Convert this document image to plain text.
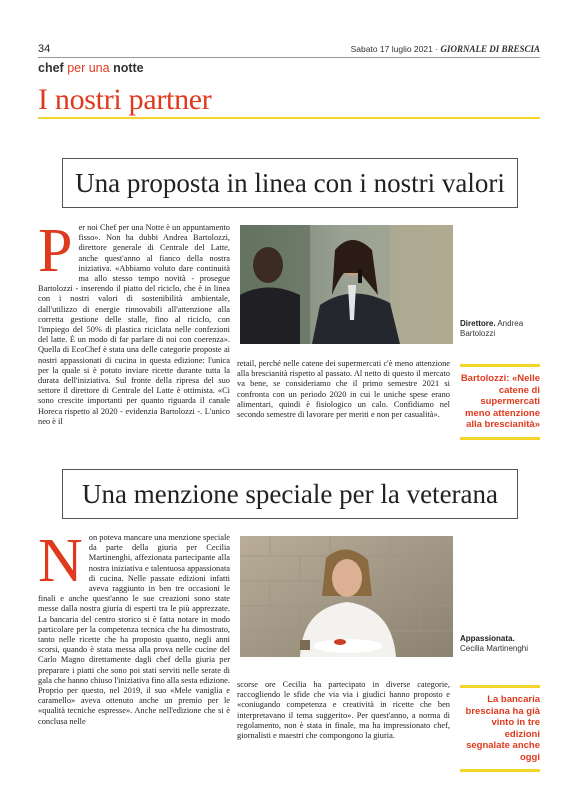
34	Sabato 17 luglio 2021 · GIORNALE DI BRESCIA
chef per una notte
I nostri partner
Una proposta in linea con i nostri valori
P er noi Chef per una Notte è un appuntamento fisso». Non ha dubbi Andrea Bartolozzi, direttore generale di Centrale del Latte, anche quest'anno al fianco della nostra iniziativa. «Abbiamo voluto dare continuità ma allo stesso tempo novità - prosegue Bartolozzi - inserendo il piatto del riciclo, che è in linea con i nostri valori di sostenibilità ambientale, dall'utilizzo di energie rinnovabili all'attenzione alla corretta gestione delle stalle, fino al riciclo, con l'impiego del 50% di plastica riciclata nelle confezioni del latte. È un modo di far parlare di noi con coerenza». Quella di EcoChef è stata una delle categorie proposte ai nostri appassionati di cucina in questa edizione: l'unica per la quale si è potuto inviare ricette durante tutta la durata dell'iniziativa. Sul fronte della ripresa del suo settore il direttore di Centrale del Latte è ottimista. «Ci sono crescite importanti per quanto riguarda il canale Horeca rispetto al 2020 - evidenzia Bartolozzi -. L'unico neo è il
Direttore. Andrea Bartolozzi
retail, perché nelle catene dei supermercati c'è meno attenzione alla brescianità rispetto al passato. Al netto di questo il mercato va bene, se consideriamo che il primo semestre 2021 si confronta con un periodo 2020 in cui le uniche spese erano alimentari, quindi è fisiologico un calo. Confidiamo nel secondo semestre di lavorare per meriti e non per casualità».
Bartolozzi: «Nelle catene di supermercati meno attenzione alla brescianità»
Una menzione speciale per la veterana
N on poteva mancare una menzione speciale da parte della giuria per Cecilia Martinenghi, affezionata partecipante alla nostra iniziativa e talentuosa appassionata di cucina. Nelle passate edizioni infatti aveva raggiunto in ben tre occasioni le finali e anche quest'anno le sue creazioni sono state messe dalla nostra giuria di esperti tra le più apprezzate. La bancaria del centro storico si è fatta notare in modo particolare per la competenza tecnica che ha dimostrato, tanto nelle ricette che ha proposto quanto, negli anni scorsi, quando è stata messa alla prova nelle cucine del Carlo Magno direttamente dagli chef della giuria per preparare i piatti che sono poi stati serviti nelle serate di gala che hanno chiuso l'iniziativa fino alla sesta edizione. Proprio per questo, nel 2019, il suo «Mele vaniglia e caramello» aveva ottenuto anche un premio per le «qualità tecniche espresse». Anche nell'edizione che si è conclusa nelle
Appassionata. Cecilia Martinenghi
scorse ore Cecilia ha partecipato in diverse categorie, raccogliendo le sfide che via via i giudici hanno proposto e «coniugando competenza e creatività in ricette che ben interpretavano il tema suggerito». Per quest'anno, a norma di regolamento, non è stata in finale, ma ha impressionato chef, giornalisti e maestri che compongono la giuria.
La bancaria bresciana ha già vinto in tre edizioni segnalate anche oggi
